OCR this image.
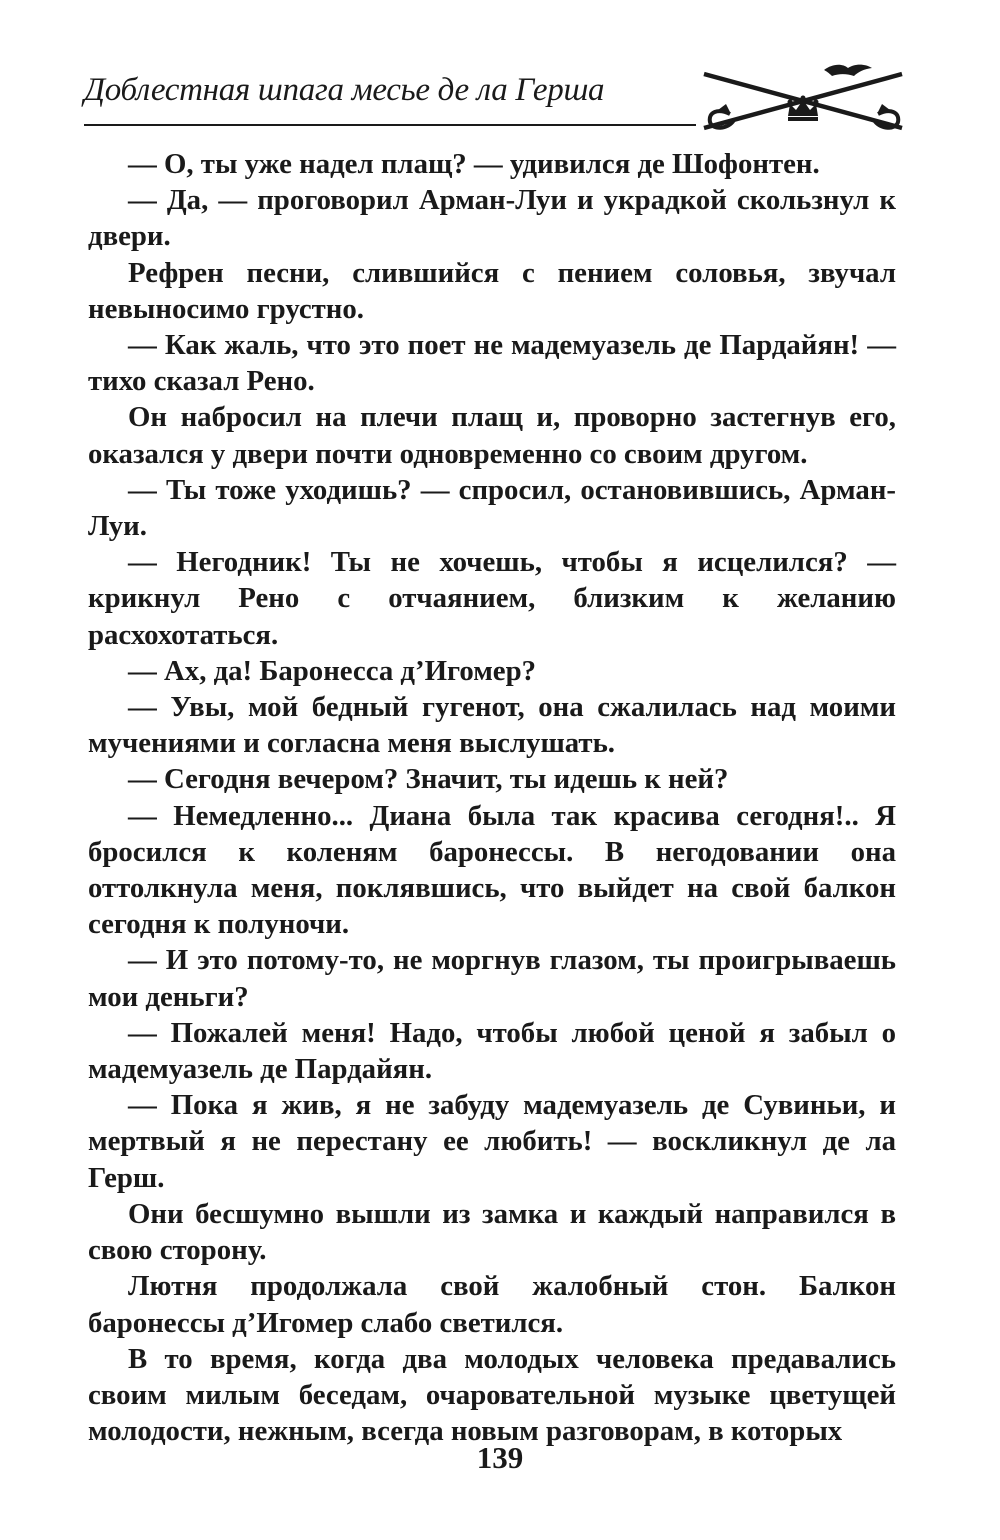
Доблестная шпага месье де ла Герша
— О, ты уже надел плащ? — удивился де Шофонтен.
— Да, — проговорил Арман-Луи и украдкой скользнул к двери.
Рефрен песни, слившийся с пением соловья, звучал невыносимо грустно.
— Как жаль, что это поет не мадемуазель де Пардайян! — тихо сказал Рено.
Он набросил на плечи плащ и, проворно застегнув его, оказался у двери почти одновременно со своим другом.
— Ты тоже уходишь? — спросил, остановившись, Арман-Луи.
— Негодник! Ты не хочешь, чтобы я исцелился? — крикнул Рено с отчаянием, близким к желанию расхохотаться.
— Ах, да! Баронесса д’Игомер?
— Увы, мой бедный гугенот, она сжалилась над моими мучениями и согласна меня выслушать.
— Сегодня вечером? Значит, ты идешь к ней?
— Немедленно... Диана была так красива сегодня!.. Я бросился к коленям баронессы. В негодовании она оттолкнула меня, поклявшись, что выйдет на свой балкон сегодня к полуночи.
— И это потому-то, не моргнув глазом, ты проигрываешь мои деньги?
— Пожалей меня! Надо, чтобы любой ценой я забыл о мадемуазель де Пардайян.
— Пока я жив, я не забуду мадемуазель де Сувиньи, и мертвый я не перестану ее любить! — воскликнул де ла Герш.
Они бесшумно вышли из замка и каждый направился в свою сторону.
Лютня продолжала свой жалобный стон. Балкон баронессы д’Игомер слабо светился.
В то время, когда два молодых человека предавались своим милым беседам, очаровательной музыке цветущей молодости, нежным, всегда новым разговорам, в которых
139
